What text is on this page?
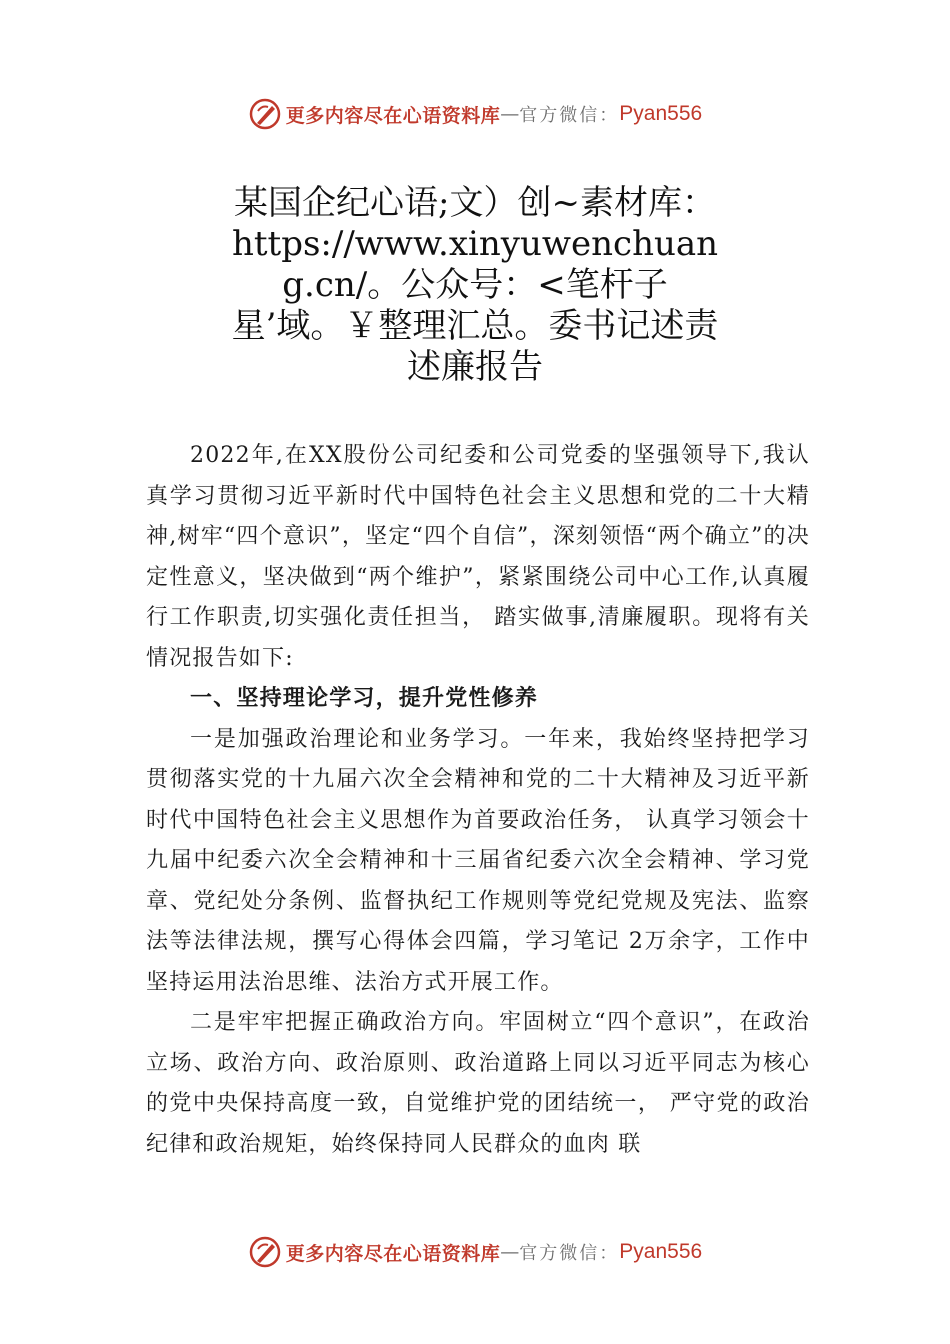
更多内容尽在心语资料库 — 官方微信： Pyan556
某国企纪心语;文）创~素材库：https://www.xinyuwenchuang.cn/。公众号：<笔杆子星’域。￥整理汇总。委书记述责述廉报告

2022年,在XX股份公司纪委和公司党委的坚强领导下,我认真学习贯彻习近平新时代中国特色社会主义思想和党的二十大精神,树牢“四个意识”，坚定“四个自信”，深刻领悟“两个确立”的决定性意义，坚决做到“两个维护”，紧紧围绕公司中心工作,认真履行工作职责,切实强化责任担当， 踏实做事,清廉履职。现将有关情况报告如下:

一、坚持理论学习，提升党性修养

一是加强政治理论和业务学习。一年来，我始终坚持把学习贯彻落实党的十九届六次全会精神和党的二十大精神及习近平新时代中国特色社会主义思想作为首要政治任务， 认真学习领会十九届中纪委六次全会精神和十三届省纪委六次全会精神、学习党章、党纪处分条例、监督执纪工作规则等党纪党规及宪法、监察法等法律法规，撰写心得体会四篇，学习笔记 2万余字，工作中坚持运用法治思维、法治方式开展工作。

二是牢牢把握正确政治方向。牢固树立“四个意识”，在政治立场、政治方向、政治原则、政治道路上同以习近平同志为核心的党中央保持高度一致，自觉维护党的团结统一， 严守党的政治纪律和政治规矩，始终保持同人民群众的血肉 联

更多内容尽在心语资料库 — 官方微信： Pyan556
